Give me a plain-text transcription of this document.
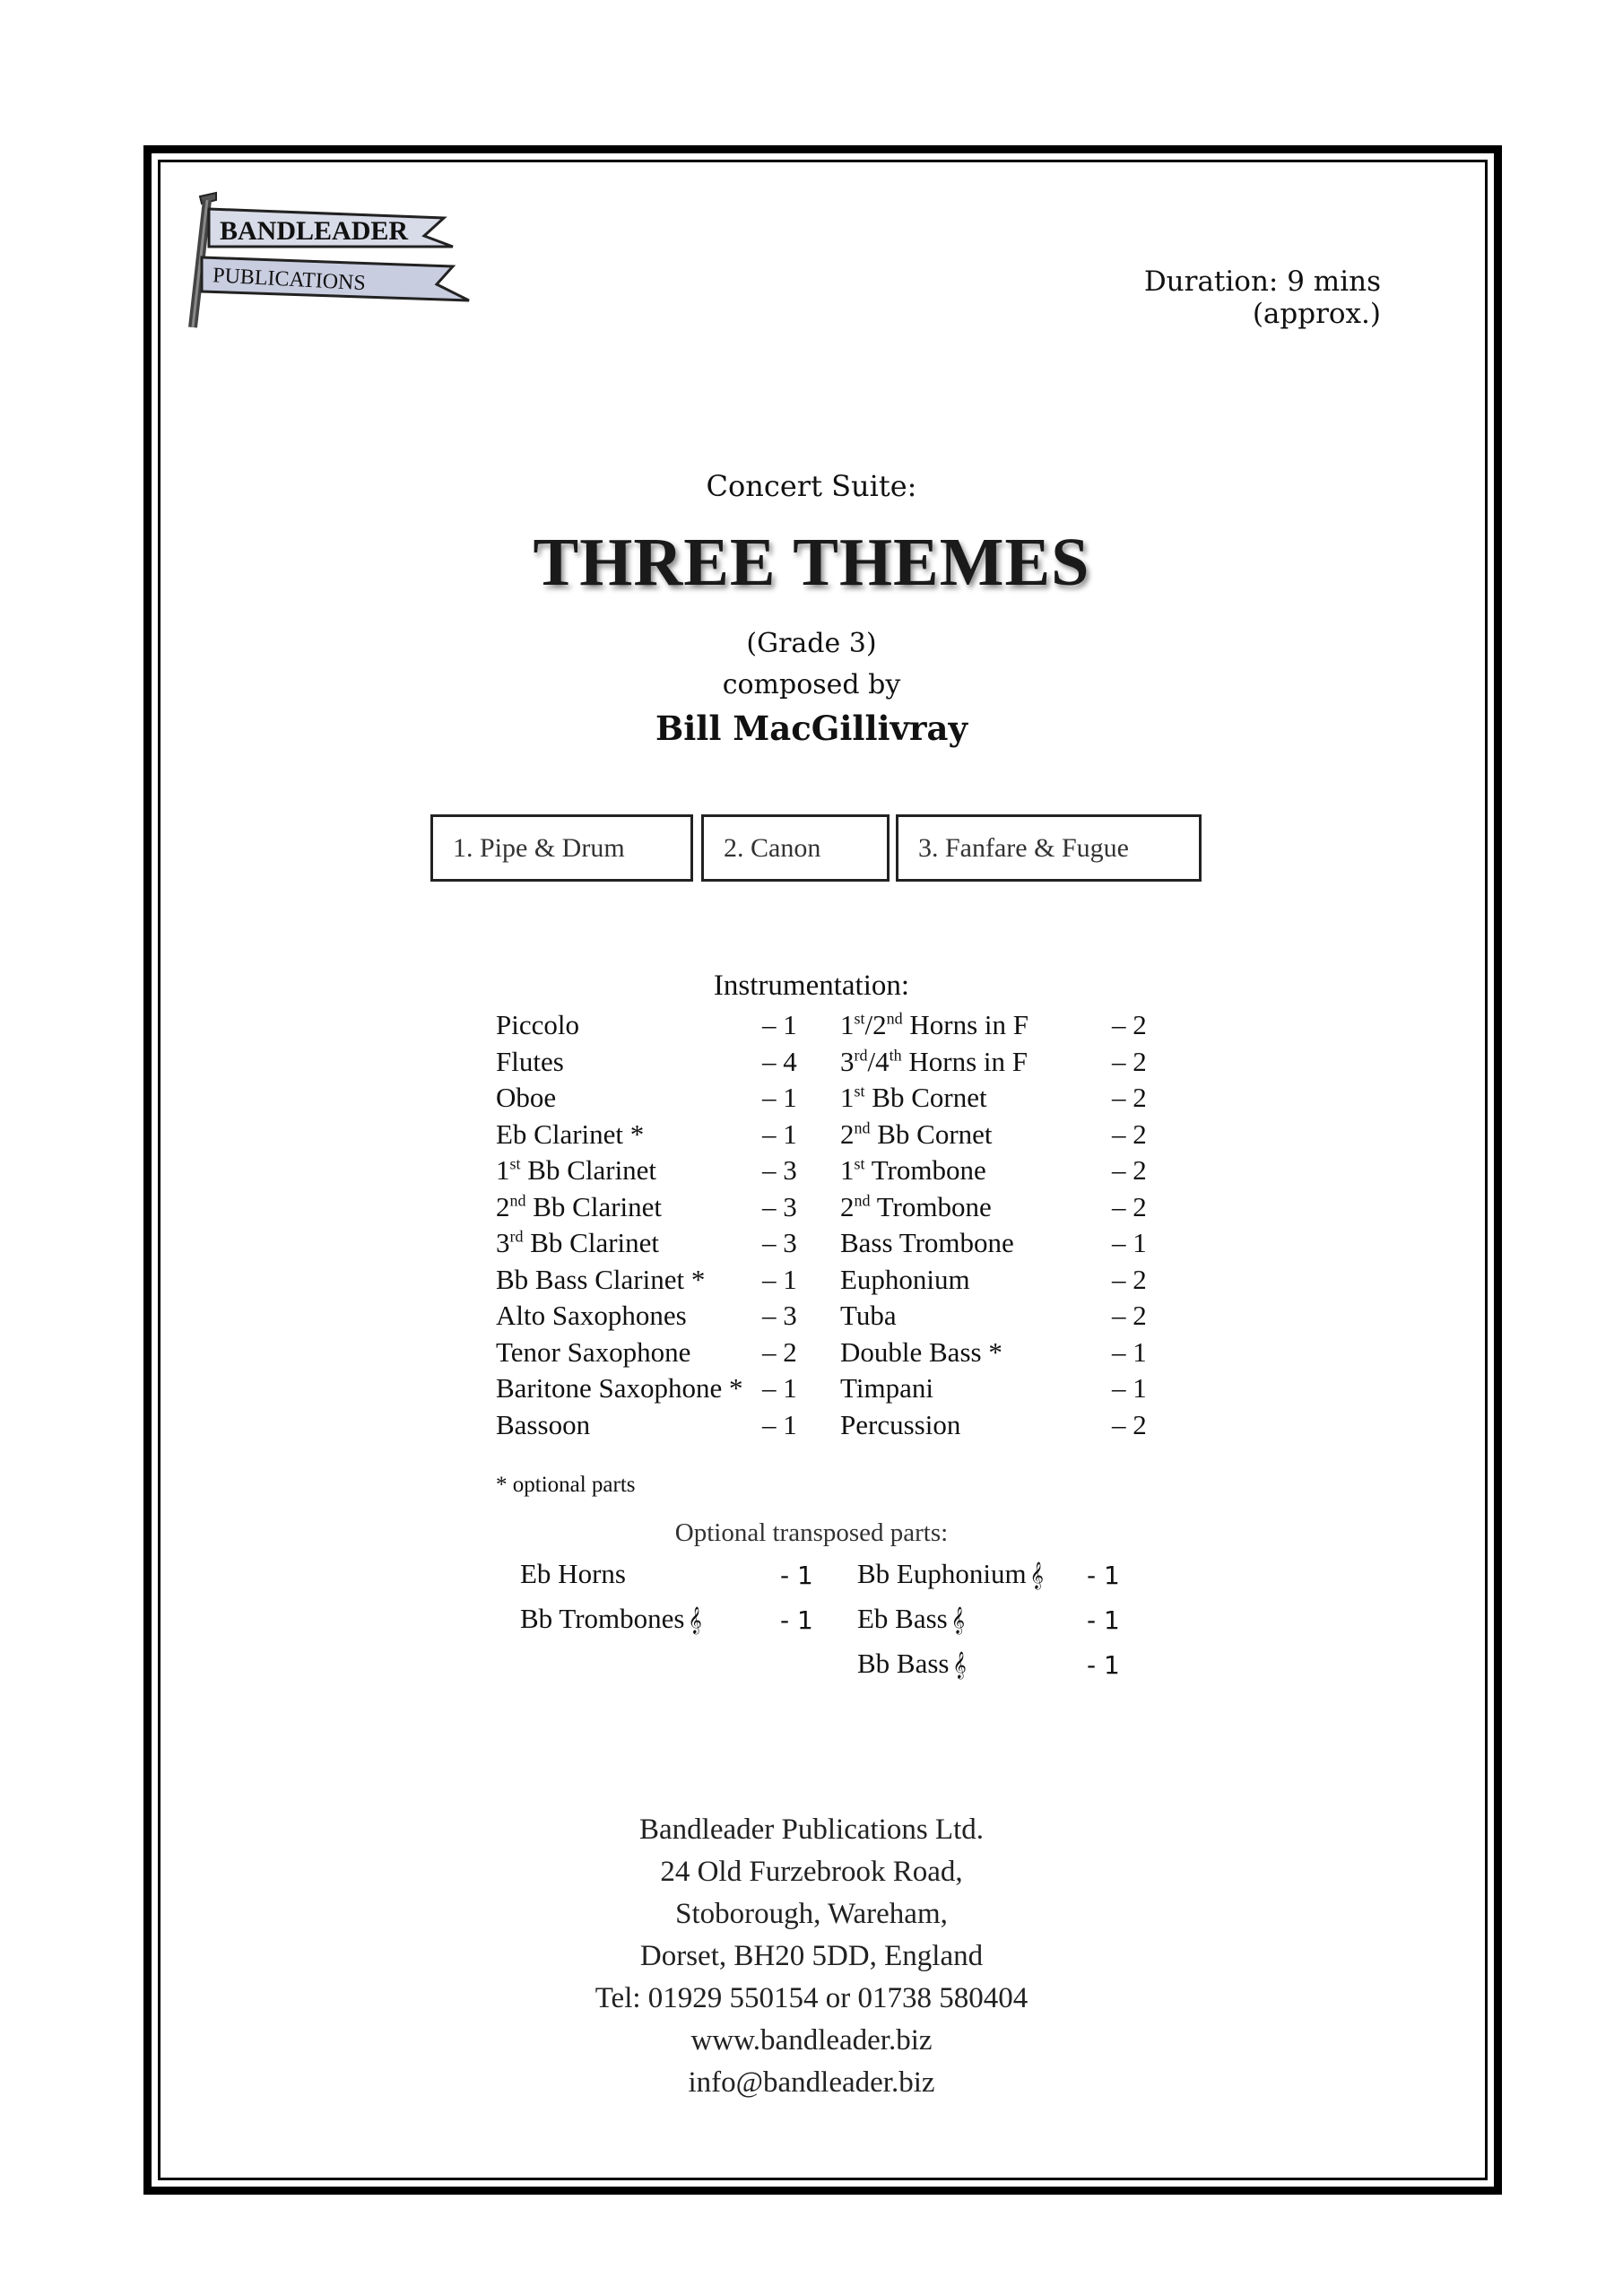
BANDLEADER
PUBLICATIONS	Duration: 9 mins (approx.)
Concert Suite:
THREE THEMES
(Grade 3)
composed by
Bill MacGillivray
1. Pipe & Drum	2. Canon	3. Fanfare & Fugue
Instrumentation:
Piccolo	– 1
Flutes	– 4
Oboe	– 1
Eb Clarinet *	– 1
1st Bb Clarinet	– 3
2nd Bb Clarinet	– 3
3rd Bb Clarinet	– 3
Bb Bass Clarinet * – 1
Alto Saxophones	– 3
Tenor Saxophone	– 2
Baritone Saxophone * – 1
Bassoon	– 1
1st/2nd Horns in F	– 2
3rd/4th Horns in F	– 2
1st Bb Cornet	– 2
2nd Bb Cornet	– 2
1st Trombone	– 2
2nd Trombone	– 2
Bass Trombone	– 1
Euphonium	– 2
Tuba	– 2
Double Bass *	– 1
Timpani	– 1
Percussion	– 2
* optional parts
Optional transposed parts:
Eb Horns	- 1
Bb Trombones 𝄞	- 1
Bb Euphonium 𝄞 - 1
Eb Bass 𝄞	- 1
Bb Bass 𝄞	- 1
Bandleader Publications Ltd.
24 Old Furzebrook Road,
Stoborough, Wareham,
Dorset, BH20 5DD, England
Tel: 01929 550154 or 01738 580404
www.bandleader.biz
info@bandleader.biz
